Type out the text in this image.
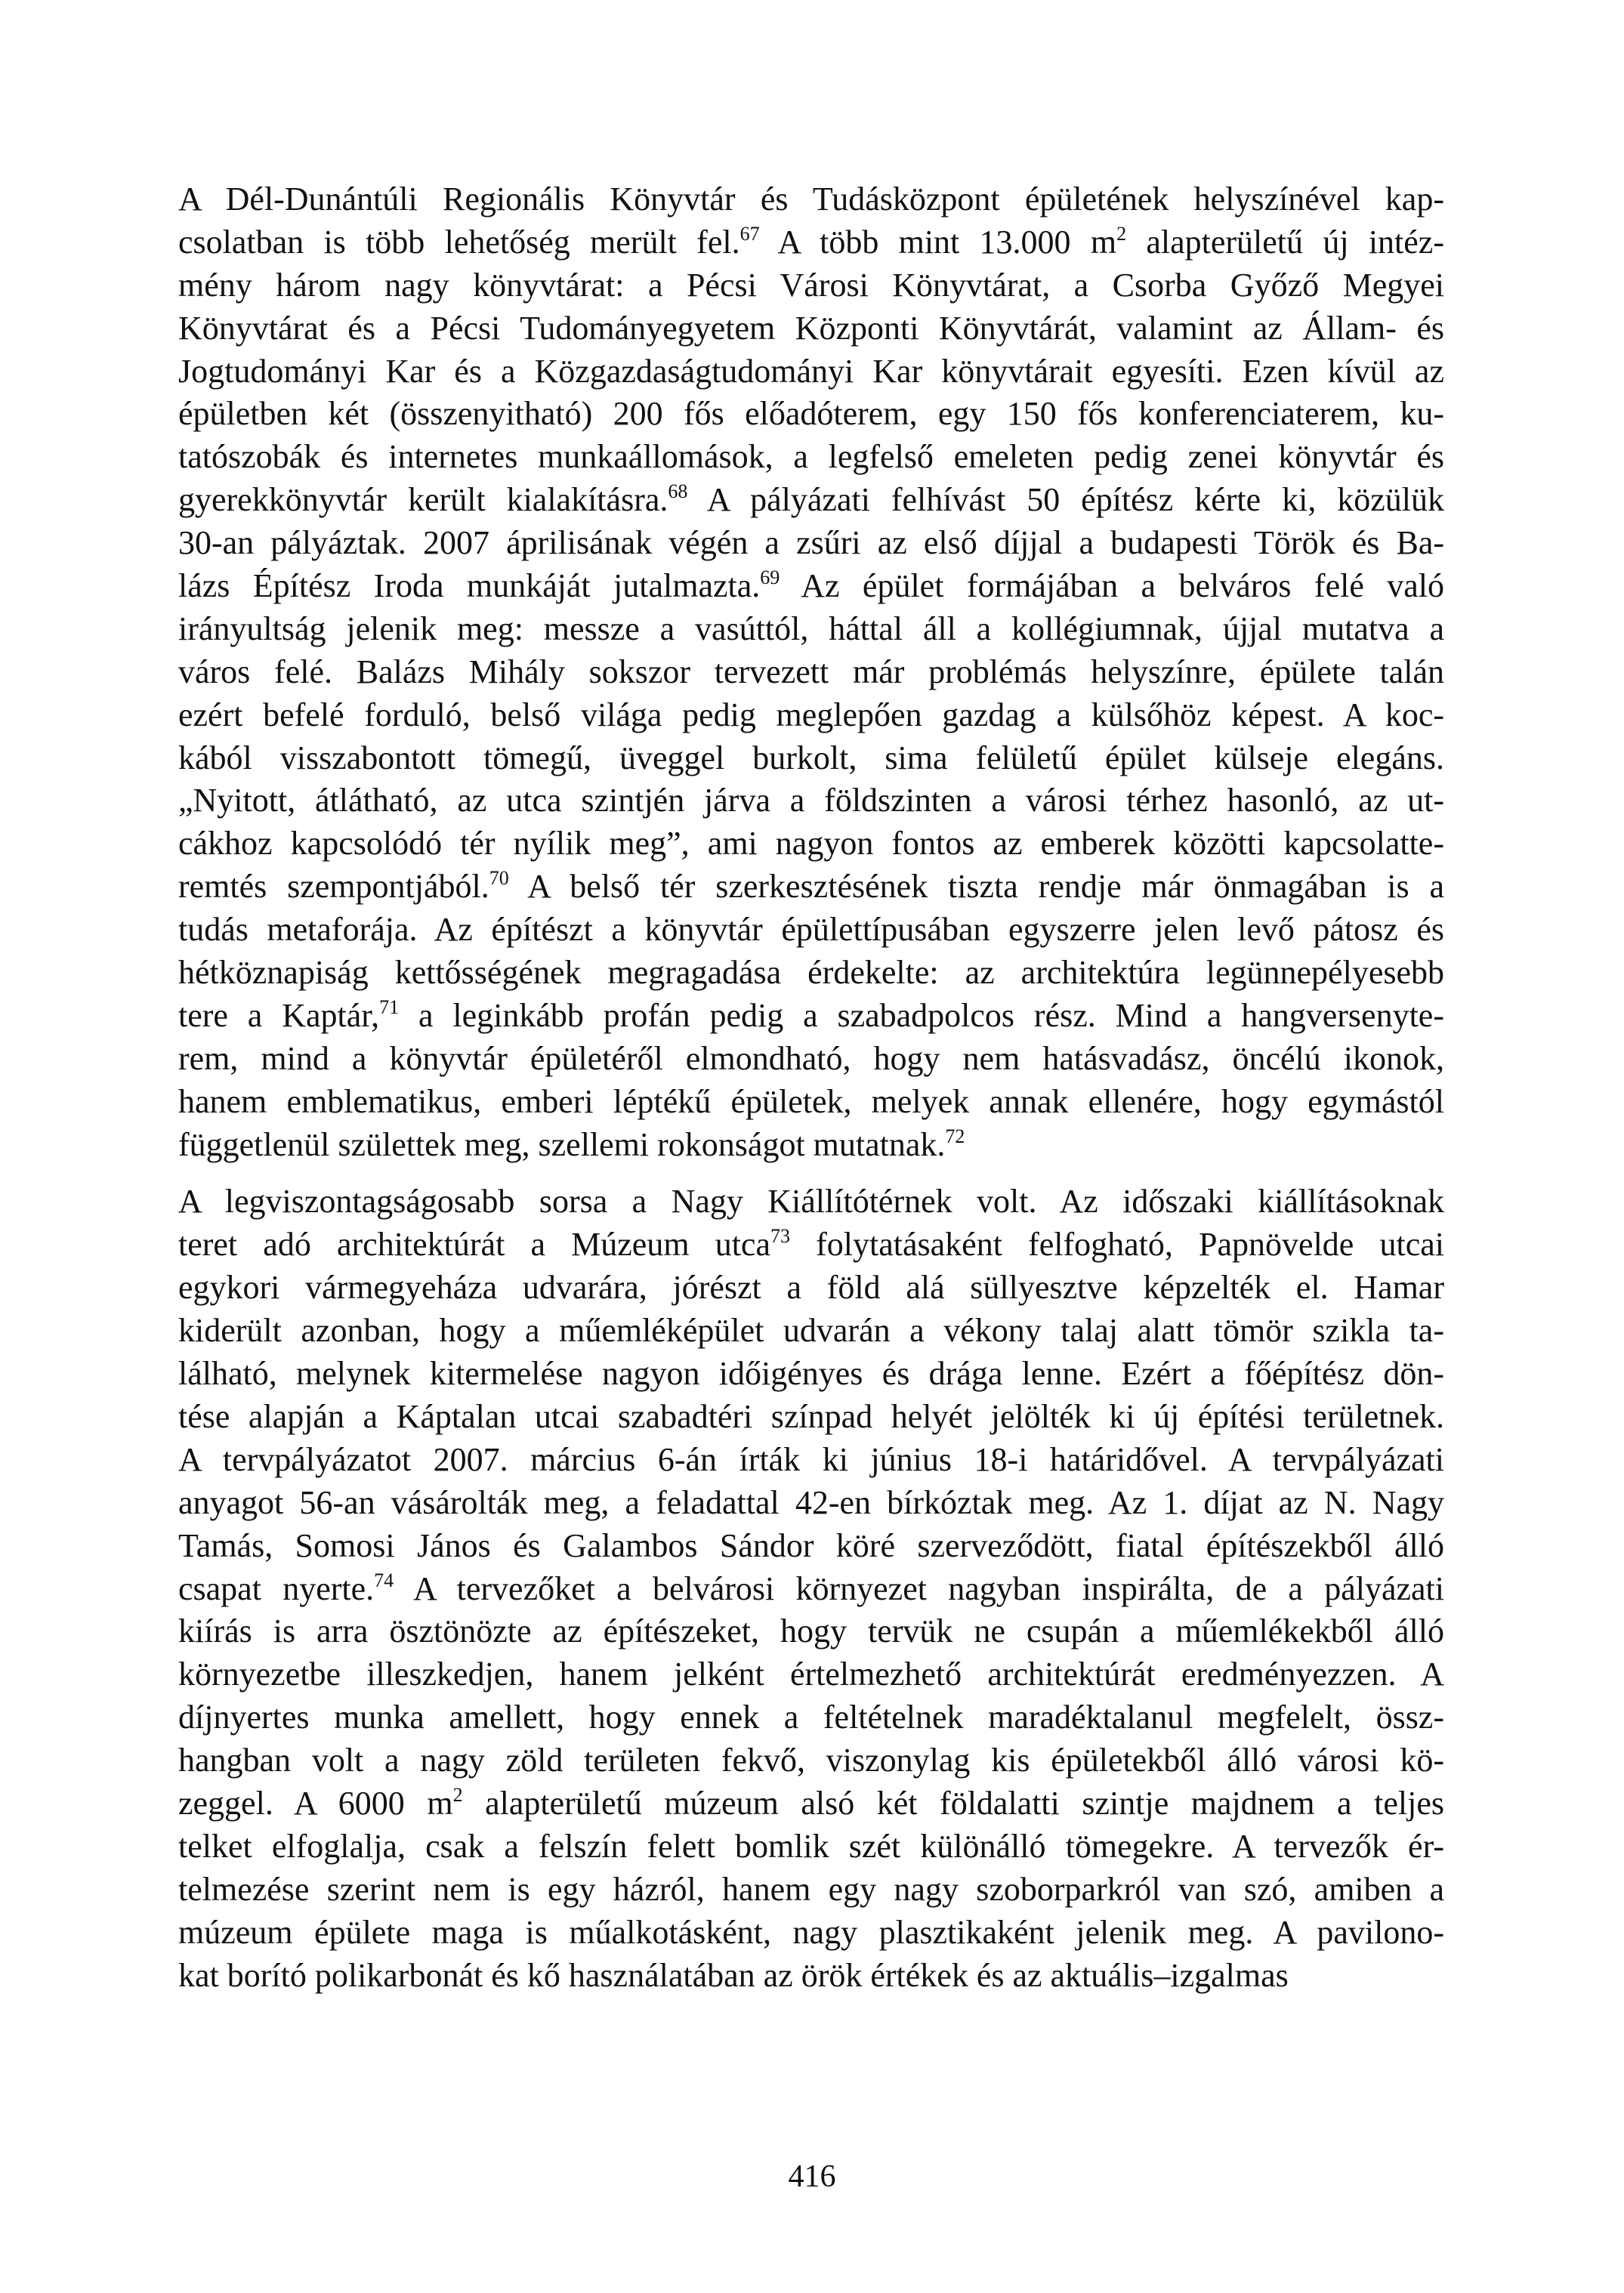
A Dél-Dunántúli Regionális Könyvtár és Tudásközpont épületének helyszínével kap-
csolatban is több lehetőség merült fel.$^{67}$ A több mint 13.000 $m^2$ alapterületű új intéz-
mény három nagy könyvtárat: a Pécsi Városi Könyvtárat, a Csorba Győző Megyei
Könyvtárat és a Pécsi Tudományegyetem Központi Könyvtárát, valamint az Állam- és
Jogtudományi Kar és a Közgazdaságtudományi Kar könyvtárait egyesíti. Ezen kívül az
épületben két (összenyitható) 200 fős előadóterem, egy 150 fős konferenciaterem, ku-
tatószobák és internetes munkaállomások, a legfelső emeleten pedig zenei könyvtár és
gyerekkönyvtár került kialakításra.$^{68}$ A pályázati felhívást 50 építész kérte ki, közülük
30-an pályáztak. 2007 áprilisának végén a zsűri az első díjjal a budapesti Török és Ba-
lázs Építész Iroda munkáját jutalmazta.$^{69}$ Az épület formájában a belváros felé való
irányultság jelenik meg: messze a vasúttól, háttal áll a kollégiumnak, újjal mutatva a
város felé. Balázs Mihály sokszor tervezett már problémás helyszínre, épülete talán
ezért befelé forduló, belső világa pedig meglepően gazdag a külsőhöz képest. A koc-
kából visszabontott tömegű, üveggel burkolt, sima felületű épület külseje elegáns.
„Nyitott, átlátható, az utca szintjén járva a földszinten a városi térhez hasonló, az ut-
cákhoz kapcsolódó tér nyílik meg”, ami nagyon fontos az emberek közötti kapcsolatte-
remtés szempontjából.$^{70}$ A belső tér szerkesztésének tiszta rendje már önmagában is a
tudás metaforája. Az építészt a könyvtár épülettípusában egyszerre jelen levő pátosz és
hétköznapiság kettősségének megragadása érdekelte: az architektúra legünnepélyesebb
tere a Kaptár,$^{71}$ a leginkább profán pedig a szabadpolcos rész. Mind a hangversenyte-
rem, mind a könyvtár épületéről elmondható, hogy nem hatásvadász, öncélú ikonok,
hanem emblematikus, emberi léptékű épületek, melyek annak ellenére, hogy egymástól
függetlenül születtek meg, szellemi rokonságot mutatnak.$^{72}$
A legviszontagságosabb sorsa a Nagy Kiállítótérnek volt. Az időszaki kiállításoknak
teret adó architektúrát a Múzeum utca$^{73}$ folytatásaként felfogható, Papnövelde utcai
egykori vármegyeháza udvarára, jórészt a föld alá süllyesztve képzelték el. Hamar
kiderült azonban, hogy a műemléképület udvarán a vékony talaj alatt tömör szikla ta-
lálható, melynek kitermelése nagyon időigényes és drága lenne. Ezért a főépítész dön-
tése alapján a Káptalan utcai szabadtéri színpad helyét jelölték ki új építési területnek.
A tervpályázatot 2007. március 6-án írták ki június 18-i határidővel. A tervpályázati
anyagot 56-an vásárolták meg, a feladattal 42-en bírkóztak meg. Az 1. díjat az N. Nagy
Tamás, Somosi János és Galambos Sándor köré szerveződött, fiatal építészekből álló
csapat nyerte.$^{74}$ A tervezőket a belvárosi környezet nagyban inspirálta, de a pályázati
kiírás is arra ösztönözte az építészeket, hogy tervük ne csupán a műemlékekből álló
környezetbe illeszkedjen, hanem jelként értelmezhető architektúrát eredményezzen. A
díjnyertes munka amellett, hogy ennek a feltételnek maradéktalanul megfelelt, össz-
hangban volt a nagy zöld területen fekvő, viszonylag kis épületekből álló városi kö-
zeggel. A 6000 $m^2$ alapterületű múzeum alsó két földalatti szintje majdnem a teljes
telket elfoglalja, csak a felszín felett bomlik szét különálló tömegekre. A tervezők ér-
telmezése szerint nem is egy házról, hanem egy nagy szoborparkról van szó, amiben a
múzeum épülete maga is műalkotásként, nagy plasztikaként jelenik meg. A pavilono-
kat borító polikarbonát és kő használatában az örök értékek és az aktuális–izgalmas
416
